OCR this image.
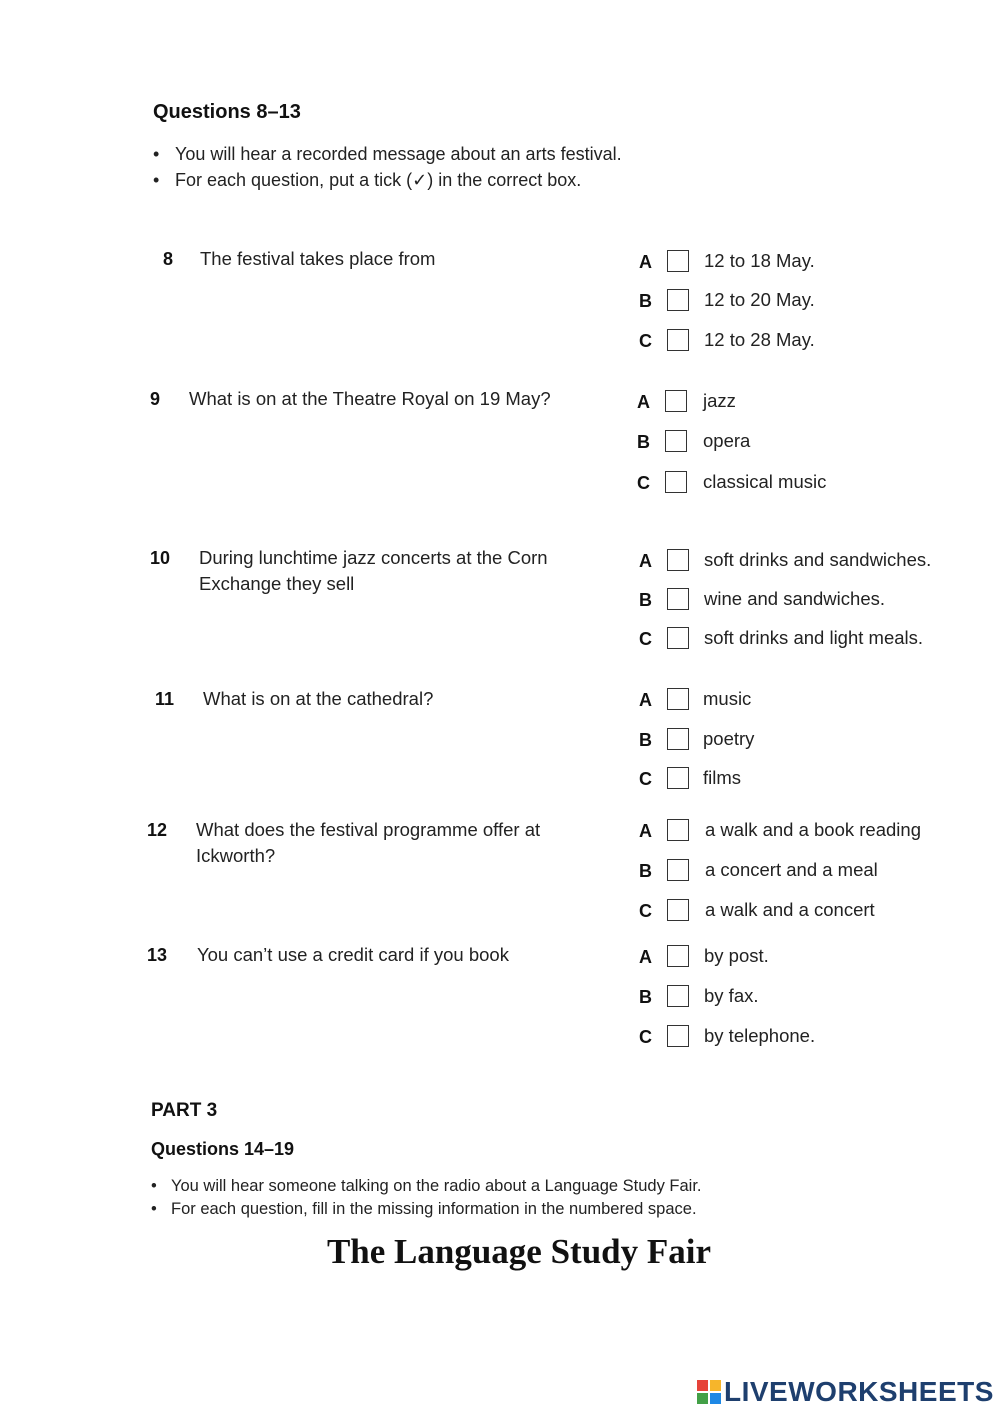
Questions 8–13
• You will hear a recorded message about an arts festival.
• For each question, put a tick (✓) in the correct box.
8 The festival takes place from	A	12 to 18 May.
B	12 to 20 May.
C	12 to 28 May.
9 What is on at the Theatre Royal on 19 May?	A	jazz
B	opera
C	classical music
10 During lunchtime jazz concerts at the Corn Exchange they sell
A	soft drinks and sandwiches.
B	wine and sandwiches.
C	soft drinks and light meals.
11 What is on at the cathedral?	A	music
B	poetry
C	films
12 What does the festival programme offer at Ickworth?
A	a walk and a book reading
B	a concert and a meal
C	a walk and a concert
13 You can’t use a credit card if you book	A	by post.
B	by fax.
C	by telephone.
PART 3
Questions 14–19
• You will hear someone talking on the radio about a Language Study Fair.
• For each question, fill in the missing information in the numbered space.
The Language Study Fair
LIVEWORKSHEETS
